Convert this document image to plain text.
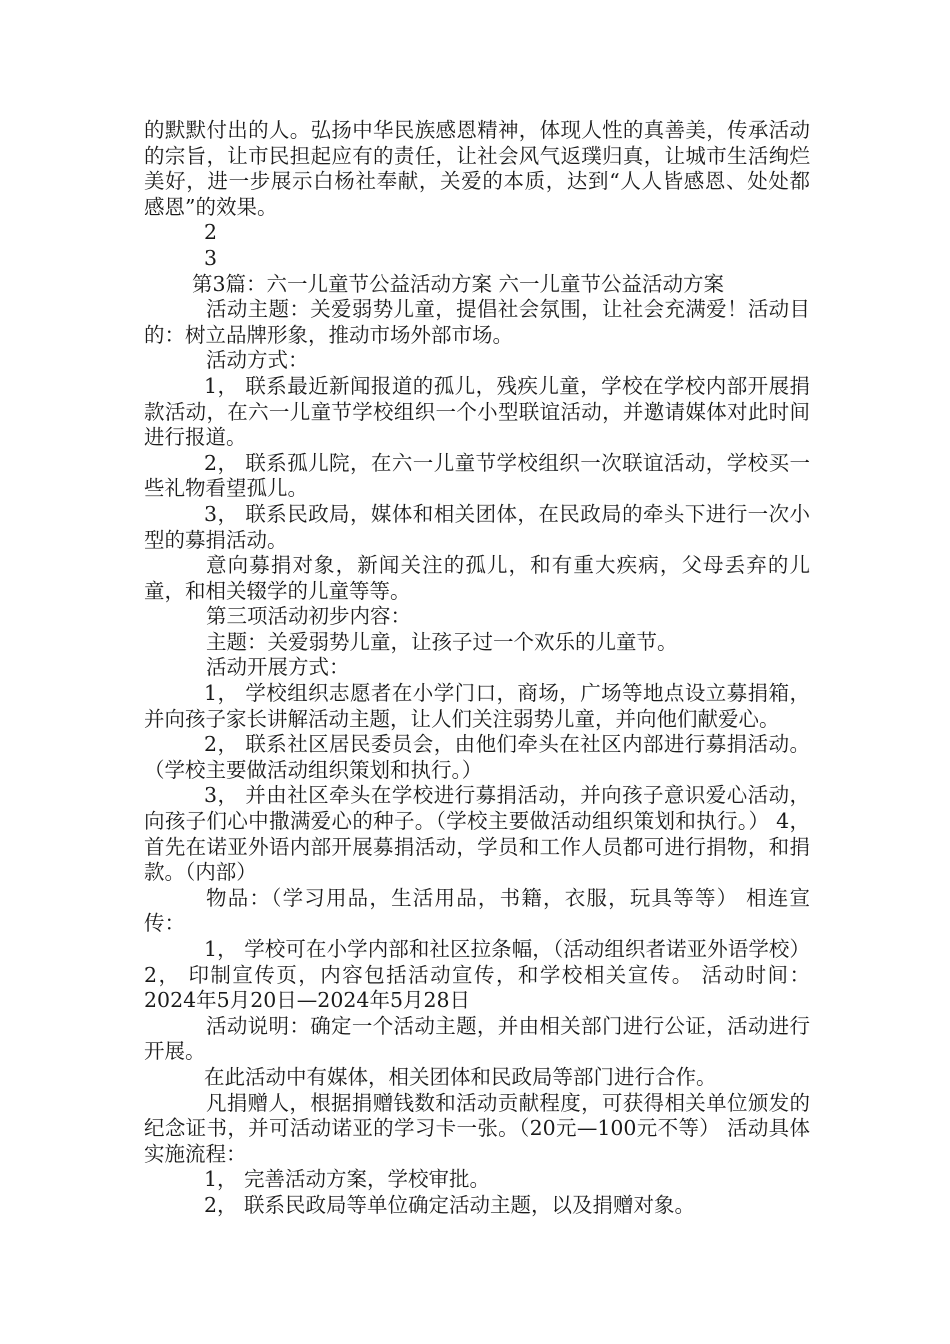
的默默付出的人。弘扬中华民族感恩精神，体现人性的真善美，传承活动的宗旨，让市民担起应有的责任，让社会风气返璞归真，让城市生活绚烂美好，进一步展示白杨社奉献，关爱的本质，达到“人人皆感恩、处处都感恩”的效果。

2

3

第3篇：六一儿童节公益活动方案 六一儿童节公益活动方案

活动主题：关爱弱势儿童，提倡社会氛围，让社会充满爱！活动目的：树立品牌形象，推动市场外部市场。

活动方式：

1， 联系最近新闻报道的孤儿，残疾儿童，学校在学校内部开展捐款活动，在六一儿童节学校组织一个小型联谊活动，并邀请媒体对此时间进行报道。

2， 联系孤儿院，在六一儿童节学校组织一次联谊活动，学校买一些礼物看望孤儿。

3， 联系民政局，媒体和相关团体，在民政局的牵头下进行一次小型的募捐活动。

意向募捐对象，新闻关注的孤儿，和有重大疾病，父母丢弃的儿童，和相关辍学的儿童等等。

第三项活动初步内容：

主题：关爱弱势儿童，让孩子过一个欢乐的儿童节。

活动开展方式：

1， 学校组织志愿者在小学门口，商场，广场等地点设立募捐箱，并向孩子家长讲解活动主题，让人们关注弱势儿童，并向他们献爱心。

2， 联系社区居民委员会，由他们牵头在社区内部进行募捐活动。（学校主要做活动组织策划和执行。）

3， 并由社区牵头在学校进行募捐活动，并向孩子意识爱心活动，向孩子们心中撒满爱心的种子。（学校主要做活动组织策划和执行。） 4， 首先在诺亚外语内部开展募捐活动，学员和工作人员都可进行捐物，和捐款。（内部）

物品：（学习用品，生活用品，书籍，衣服，玩具等等） 相连宣传：

1， 学校可在小学内部和社区拉条幅，（活动组织者诺亚外语学校） 2， 印制宣传页，内容包括活动宣传，和学校相关宣传。 活动时间：2024年5月20日—2024年5月28日

活动说明：确定一个活动主题，并由相关部门进行公证，活动进行开展。

在此活动中有媒体，相关团体和民政局等部门进行合作。

凡捐赠人，根据捐赠钱数和活动贡献程度，可获得相关单位颁发的纪念证书，并可活动诺亚的学习卡一张。（20元—100元不等） 活动具体实施流程：

1， 完善活动方案，学校审批。

2， 联系民政局等单位确定活动主题，以及捐赠对象。
